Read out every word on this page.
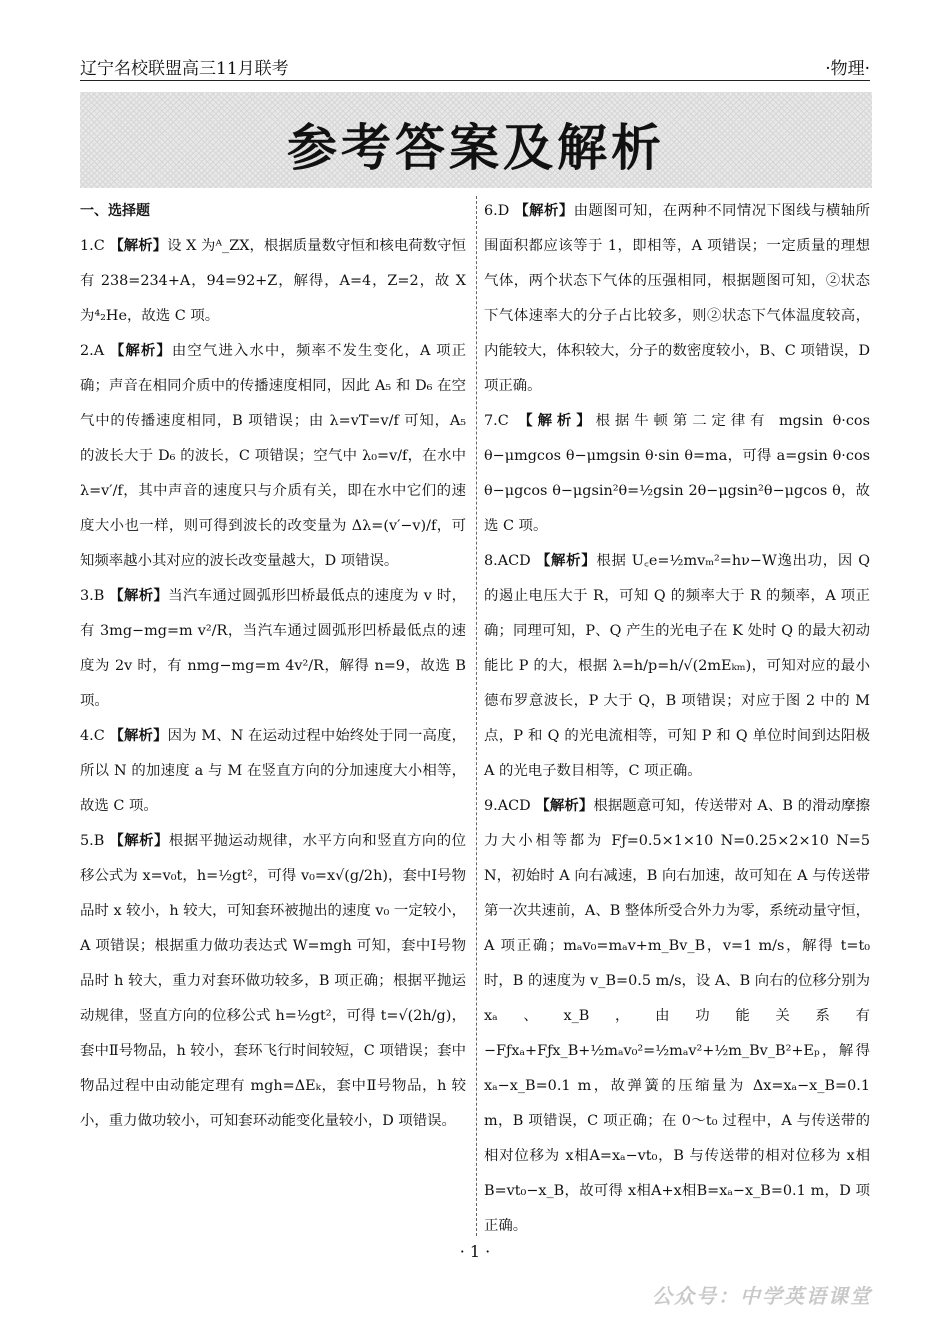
辽宁名校联盟高三11月联考	·物理·
参考答案及解析
一、选择题

1.C 【解析】设 X 为ᴬ_ZX，根据质量数守恒和核电荷数守恒有 238=234+A，94=92+Z，解得，A=4，Z=2，故 X 为⁴₂He，故选 C 项。

2.A 【解析】由空气进入水中，频率不发生变化，A 项正确；声音在相同介质中的传播速度相同，因此 A₅ 和 D₆ 在空气中的传播速度相同，B 项错误；由 λ=vT=v/f 可知，A₅ 的波长大于 D₆ 的波长，C 项错误；空气中 λ₀=v/f，在水中 λ=v′/f，其中声音的速度只与介质有关，即在水中它们的速度大小也一样，则可得到波长的改变量为 Δλ=(v′−v)/f，可知频率越小其对应的波长改变量越大，D 项错误。

3.B 【解析】当汽车通过圆弧形凹桥最低点的速度为 v 时，有 3mg−mg=m v²/R，当汽车通过圆弧形凹桥最低点的速度为 2v 时，有 nmg−mg=m 4v²/R，解得 n=9，故选 B 项。

4.C 【解析】因为 M、N 在运动过程中始终处于同一高度，所以 N 的加速度 a 与 M 在竖直方向的分加速度大小相等，故选 C 项。

5.B 【解析】根据平抛运动规律，水平方向和竖直方向的位移公式为 x=v₀t，h=½gt²，可得 v₀=x√(g/2h)，套中Ⅰ号物品时 x 较小，h 较大，可知套环被抛出的速度 v₀ 一定较小，A 项错误；根据重力做功表达式 W=mgh 可知，套中Ⅰ号物品时 h 较大，重力对套环做功较多，B 项正确；根据平抛运动规律，竖直方向的位移公式 h=½gt²，可得 t=√(2h/g)，套中Ⅱ号物品，h 较小，套环飞行时间较短，C 项错误；套中物品过程中由动能定理有 mgh=ΔEₖ，套中Ⅱ号物品，h 较小，重力做功较小，可知套环动能变化量较小，D 项错误。

6.D 【解析】由题图可知，在两种不同情况下图线与横轴所围面积都应该等于 1，即相等，A 项错误；一定质量的理想气体，两个状态下气体的压强相同，根据题图可知，②状态下气体速率大的分子占比较多，则②状态下气体温度较高，内能较大，体积较大，分子的数密度较小，B、C 项错误，D 项正确。

7.C 【解析】根据牛顿第二定律有 mgsin θ·cos θ−μmgcos θ−μmgsin θ·sin θ=ma，可得 a=gsin θ·cos θ−μgcos θ−μgsin²θ=½gsin 2θ−μgsin²θ−μgcos θ，故选 C 项。

8.ACD 【解析】根据 U꜀e=½mvₘ²=hν−W逸出功，因 Q 的遏止电压大于 R，可知 Q 的频率大于 R 的频率，A 项正确；同理可知，P、Q 产生的光电子在 K 处时 Q 的最大初动能比 P 的大，根据 λ=h/p=h/√(2mEₖₘ)，可知对应的最小德布罗意波长，P 大于 Q，B 项错误；对应于图 2 中的 M 点，P 和 Q 的光电流相等，可知 P 和 Q 单位时间到达阳极 A 的光电子数目相等，C 项正确。

9.ACD 【解析】根据题意可知，传送带对 A、B 的滑动摩擦力大小相等都为 Fƒ=0.5×1×10 N=0.25×2×10 N=5 N，初始时 A 向右减速，B 向右加速，故可知在 A 与传送带第一次共速前，A、B 整体所受合外力为零，系统动量守恒，A 项正确；mₐv₀=mₐv+m_Bv_B，v=1 m/s，解得 t=t₀ 时，B 的速度为 v_B=0.5 m/s，设 A、B 向右的位移分别为 xₐ、x_B，由功能关系有 −Fƒxₐ+Fƒx_B+½mₐv₀²=½mₐv²+½m_Bv_B²+Eₚ，解得 xₐ−x_B=0.1 m，故弹簧的压缩量为 Δx=xₐ−x_B=0.1 m，B 项错误，C 项正确；在 0～t₀ 过程中，A 与传送带的相对位移为 x相A=xₐ−vt₀，B 与传送带的相对位移为 x相B=vt₀−x_B，故可得 x相A+x相B=xₐ−x_B=0.1 m，D 项正确。

· 1 ·
公众号：中学英语课堂
